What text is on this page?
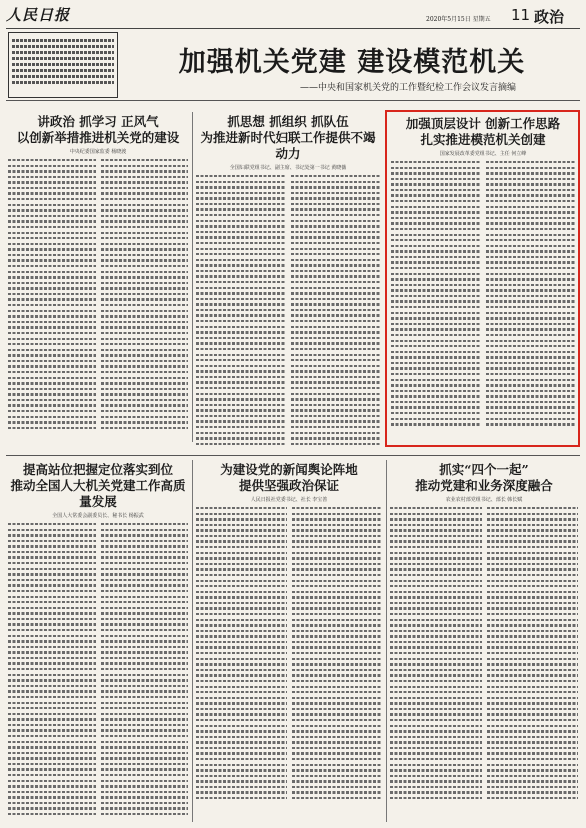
人民日报	2020年5月15日 星期五 11 政治
加强机关党建 建设模范机关
——中央和国家机关党的工作暨纪检工作会议发言摘编
讲政治 抓学习 正风气
以创新举措推进机关党的建设
中央纪委国家监委 杨晓渡
抓思想 抓组织 抓队伍
为推进新时代妇联工作提供不竭动力
全国妇联党组书记、副主席、书记处第一书记 黄晓薇
加强顶层设计 创新工作思路
扎实推进模范机关创建
国家发展改革委党组书记、主任 何立峰
提高站位把握定位落实到位
推动全国人大机关党建工作高质量发展
全国人大常委会副委员长、秘书长 杨振武
为建设党的新闻舆论阵地
提供坚强政治保证
人民日报社党委书记、社长 李宝善
抓实“四个一起”
推动党建和业务深度融合
农业农村部党组书记、部长 韩长赋
